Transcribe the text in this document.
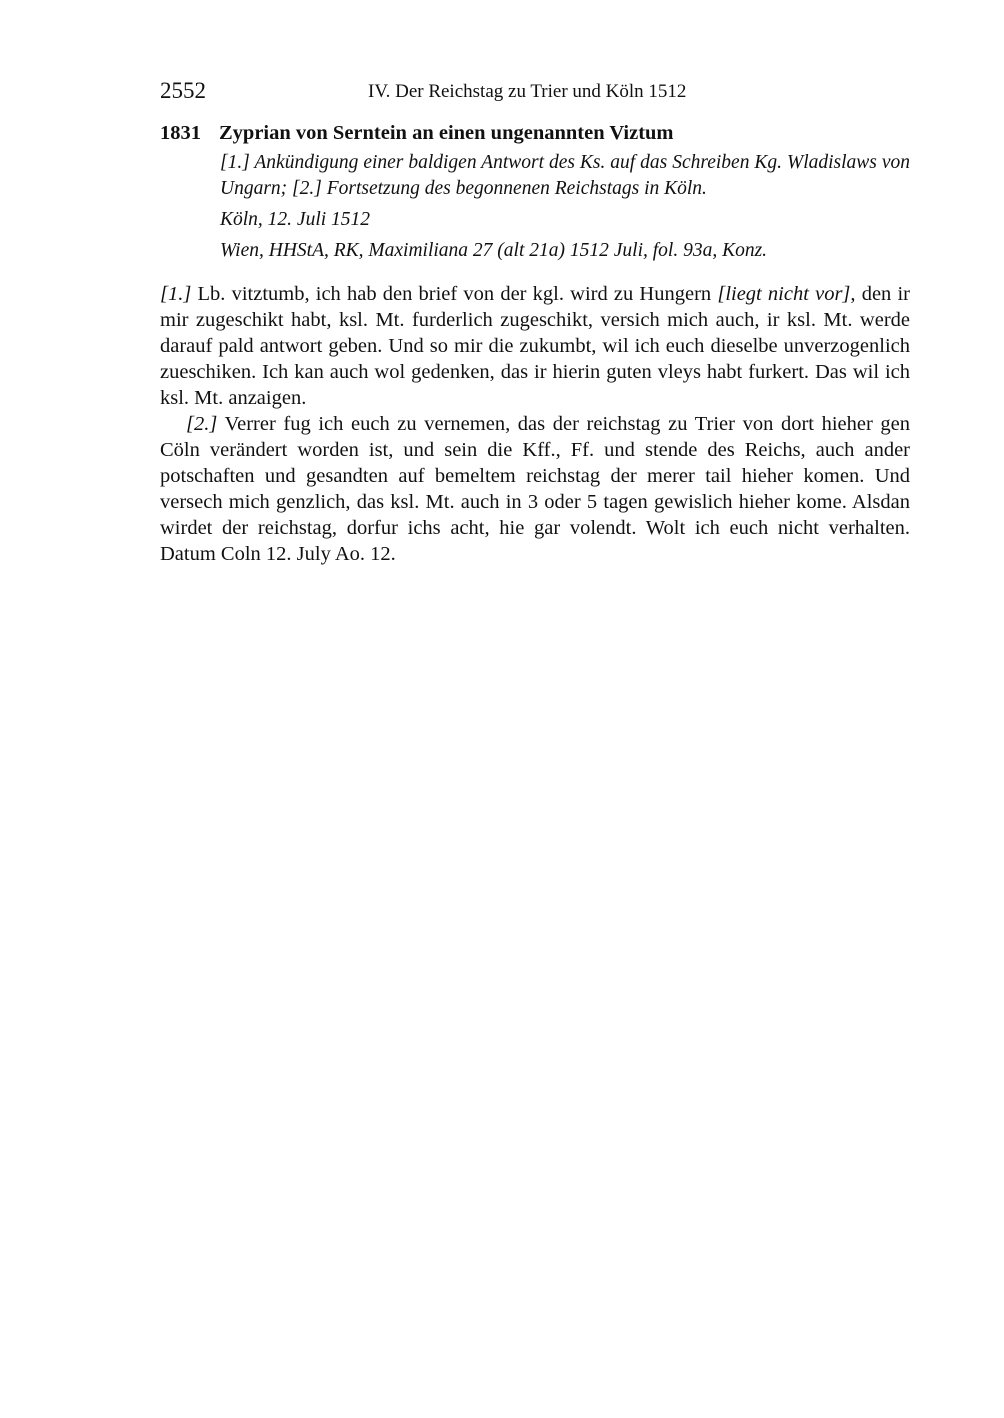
2552	IV. Der Reichstag zu Trier und Köln 1512
1831 Zyprian von Serntein an einen ungenannten Viztum

[1.] Ankündigung einer baldigen Antwort des Ks. auf das Schreiben Kg. Wladislaws von Ungarn; [2.] Fortsetzung des begonnenen Reichstags in Köln.

Köln, 12. Juli 1512

Wien, HHStA, RK, Maximiliana 27 (alt 21a) 1512 Juli, fol. 93a, Konz.

[1.] Lb. vitztumb, ich hab den brief von der kgl. wird zu Hungern [liegt nicht vor], den ir mir zugeschikt habt, ksl. Mt. furderlich zugeschikt, versich mich auch, ir ksl. Mt. werde darauf pald antwort geben. Und so mir die zukumbt, wil ich euch dieselbe unverzogenlich zueschiken. Ich kan auch wol gedenken, das ir hierin guten vleys habt furkert. Das wil ich ksl. Mt. anzaigen.

[2.] Verrer fug ich euch zu vernemen, das der reichstag zu Trier von dort hieher gen Cöln verändert worden ist, und sein die Kff., Ff. und stende des Reichs, auch ander potschaften und gesandten auf bemeltem reichstag der merer tail hieher komen. Und versech mich genzlich, das ksl. Mt. auch in 3 oder 5 tagen gewislich hieher kome. Alsdan wirdet der reichstag, dorfur ichs acht, hie gar volendt. Wolt ich euch nicht verhalten. Datum Coln 12. July Ao. 12.
